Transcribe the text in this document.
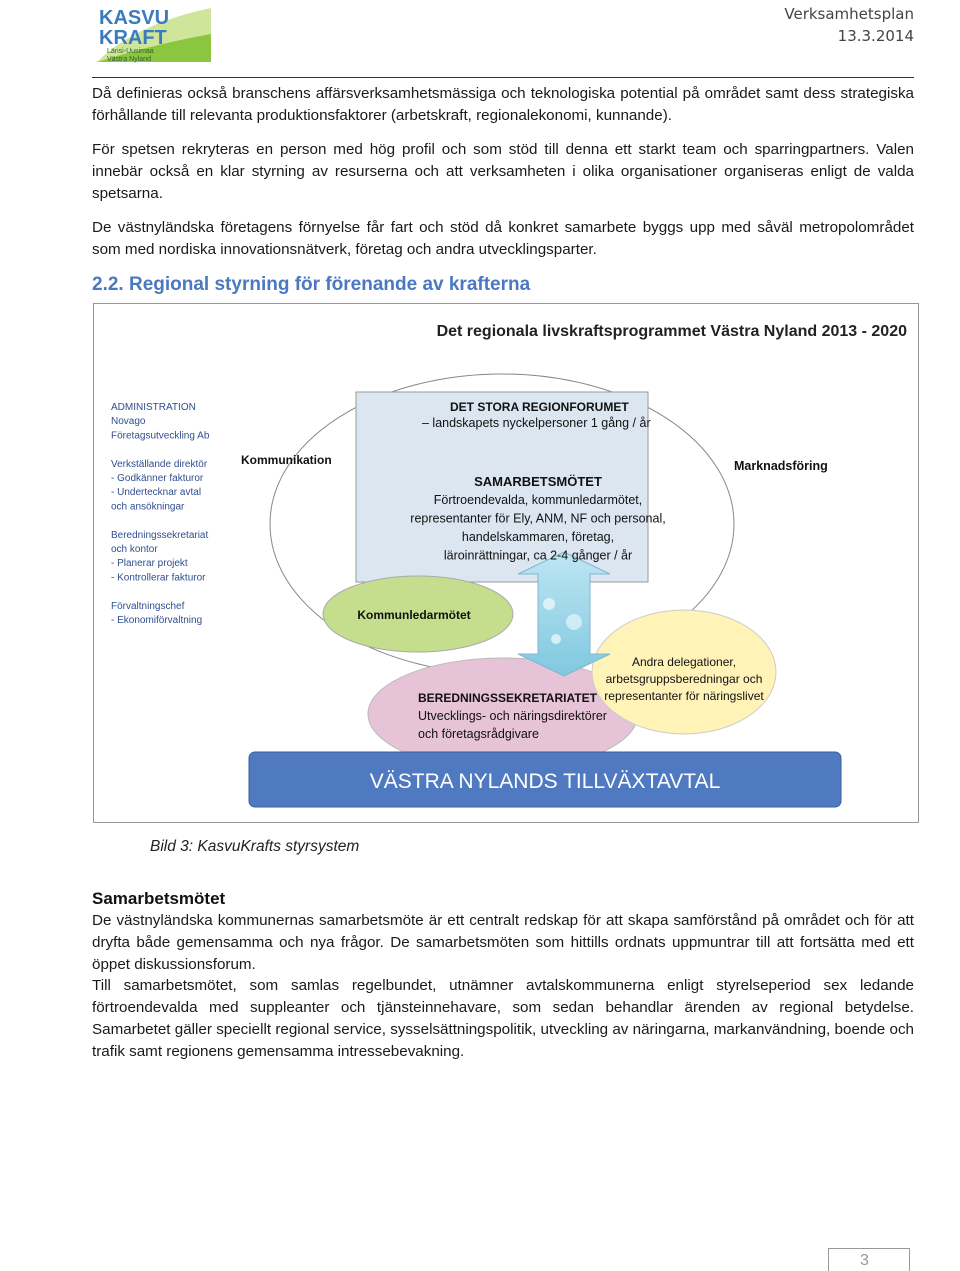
KASVU
KRAFT
Länsi-Uusimaa
Västra Nyland
Verksamhetsplan
13.3.2014
Då definieras också branschens affärsverksamhetsmässiga och teknologiska potential på området samt dess strategiska förhållande till relevanta produktionsfaktorer (arbetskraft, regionalekonomi, kunnande).
För spetsen rekryteras en person med hög profil och som stöd till denna ett starkt team och sparringpartners. Valen innebär också en klar styrning av resurserna och att verksamheten i olika organisationer organiseras enligt de valda spetsarna.
De västnyländska företagens förnyelse får fart och stöd då konkret samarbete byggs upp med såväl metropolområdet som med nordiska innovationsnätverk, företag och andra utvecklingsparter.
2.2. Regional styrning för förenande av krafterna
Det regionala livskraftsprogrammet Västra Nyland 2013 - 2020
ADMINISTRATION
Novago
Företagsutveckling Ab
Verkställande direktör
- Godkänner fakturor
- Undertecknar avtal
och ansökningar
Beredningssekretariat
och kontor
- Planerar projekt
- Kontrollerar fakturor
Förvaltningschef
- Ekonomiförvaltning
DET STORA REGIONFORUMET
– landskapets nyckelpersoner 1 gång / år
Kommunikation	Marknadsföring
SAMARBETSMÖTET
Förtroendevalda, kommunledarmötet,
representanter för Ely, ANM, NF och personal,
handelskammaren, företag,
läroinrättningar, ca 2-4 gånger / år
Kommunledarmötet
Andra delegationer,
arbetsgruppsberedningar och
representanter för näringslivet
BEREDNINGSSEKRETARIATET
Utvecklings- och näringsdirektörer
och företagsrådgivare
VÄSTRA NYLANDS TILLVÄXTAVTAL
Bild 3: KasvuKrafts styrsystem
Samarbetsmötet
De västnyländska kommunernas samarbetsmöte är ett centralt redskap för att skapa samförstånd på området och för att dryfta både gemensamma och nya frågor. De samarbetsmöten som hittills ordnats uppmuntrar till att fortsätta med ett öppet diskussionsforum.
Till samarbetsmötet, som samlas regelbundet, utnämner avtalskommunerna enligt styrelseperiod sex ledande förtroendevalda med suppleanter och tjänsteinnehavare, som sedan behandlar ärenden av regional betydelse. Samarbetet gäller speciellt regional service, sysselsättningspolitik, utveckling av näringarna, markanvändning, boende och trafik samt regionens gemensamma intressebevakning.
3
